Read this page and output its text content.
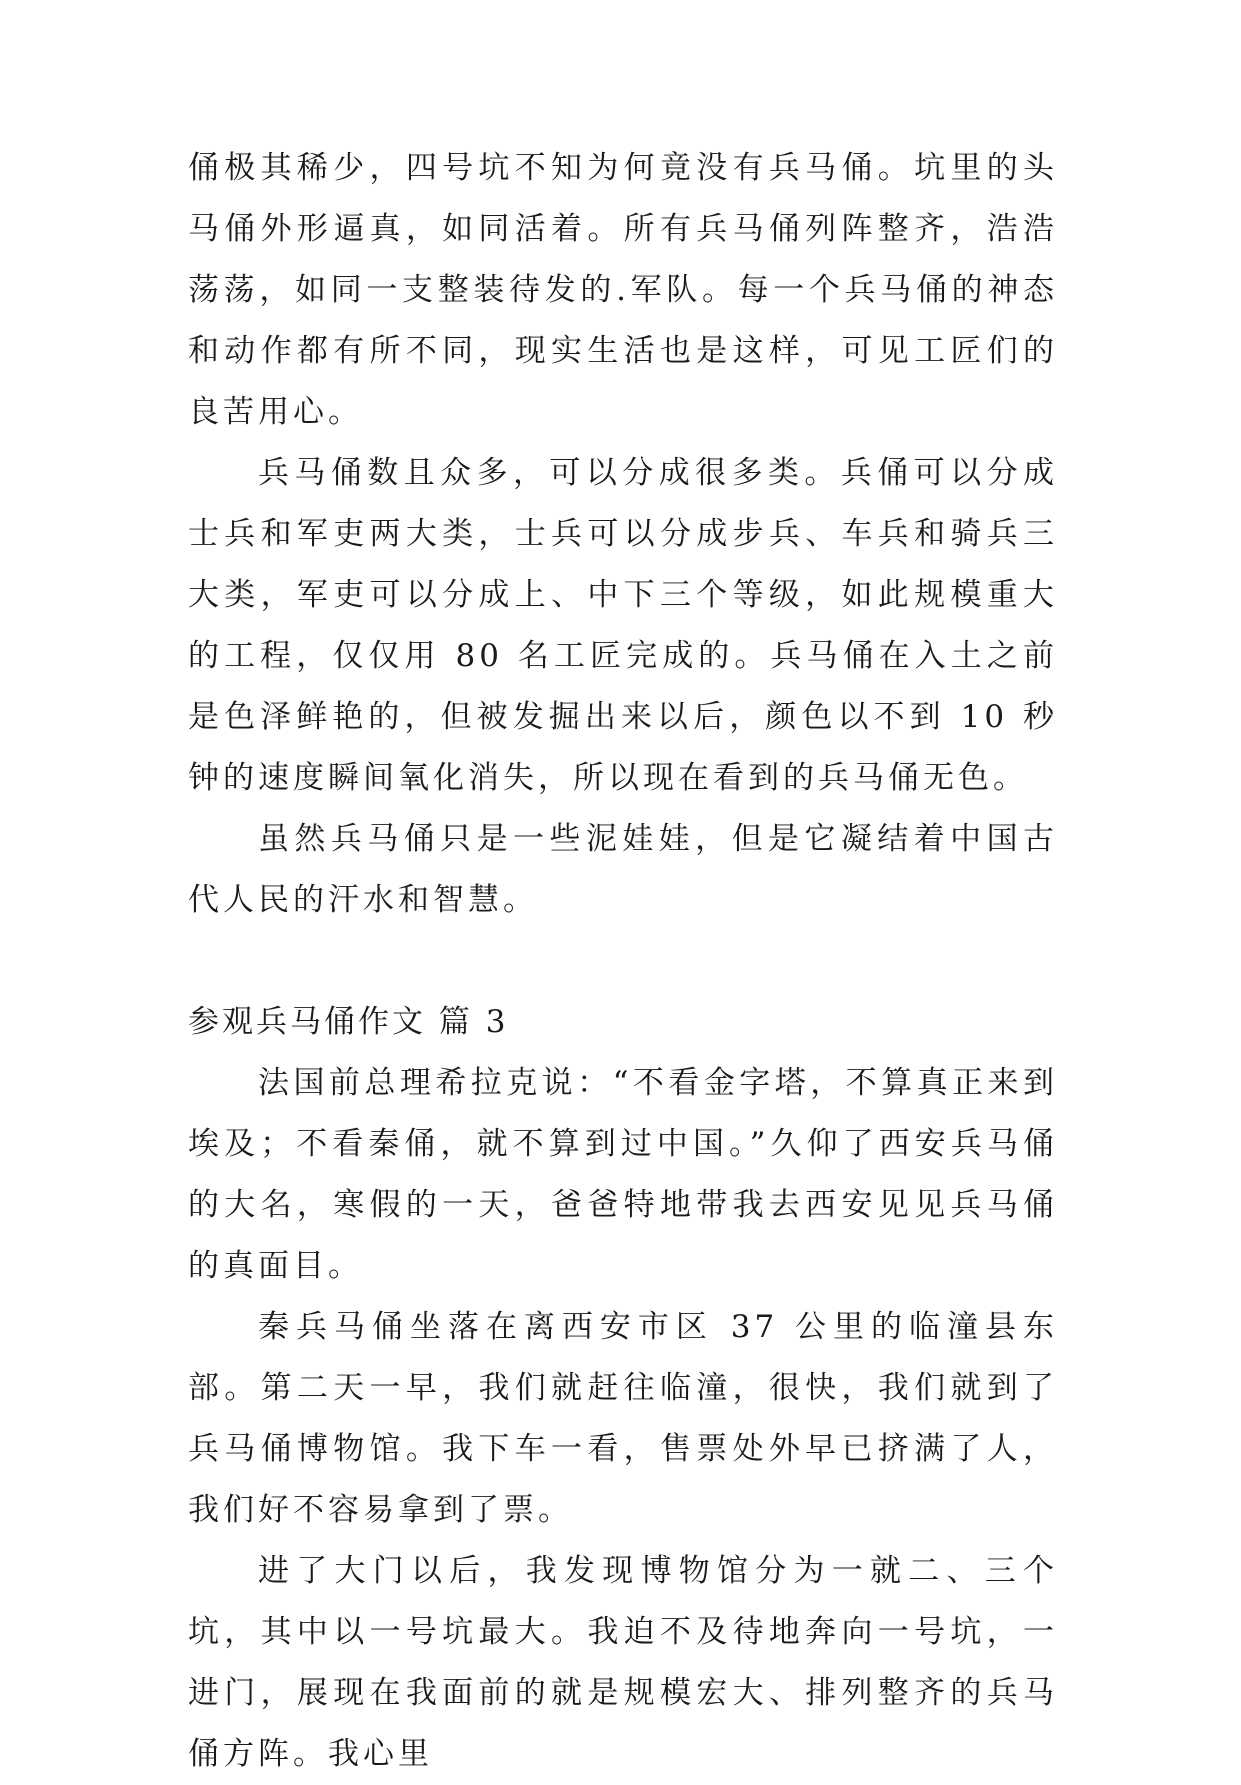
俑极其稀少，四号坑不知为何竟没有兵马俑。坑里的头马俑外形逼真，如同活着。所有兵马俑列阵整齐，浩浩荡荡，如同一支整装待发的.军队。每一个兵马俑的神态和动作都有所不同，现实生活也是这样，可见工匠们的良苦用心。

兵马俑数且众多，可以分成很多类。兵俑可以分成士兵和军吏两大类，士兵可以分成步兵、车兵和骑兵三大类，军吏可以分成上、中下三个等级，如此规模重大的工程，仅仅用 80 名工匠完成的。兵马俑在入土之前是色泽鲜艳的，但被发掘出来以后，颜色以不到 10 秒钟的速度瞬间氧化消失，所以现在看到的兵马俑无色。

虽然兵马俑只是一些泥娃娃，但是它凝结着中国古代人民的汗水和智慧。

参观兵马俑作文 篇 3

法国前总理希拉克说：“不看金字塔，不算真正来到埃及；不看秦俑，就不算到过中国。”久仰了西安兵马俑的大名，寒假的一天，爸爸特地带我去西安见见兵马俑的真面目。

秦兵马俑坐落在离西安市区 37 公里的临潼县东部。第二天一早，我们就赶往临潼，很快，我们就到了兵马俑博物馆。我下车一看，售票处外早已挤满了人，我们好不容易拿到了票。

进了大门以后，我发现博物馆分为一就二、三个坑，其中以一号坑最大。我迫不及待地奔向一号坑，一进门，展现在我面前的就是规模宏大、排列整齐的兵马俑方阵。我心里
